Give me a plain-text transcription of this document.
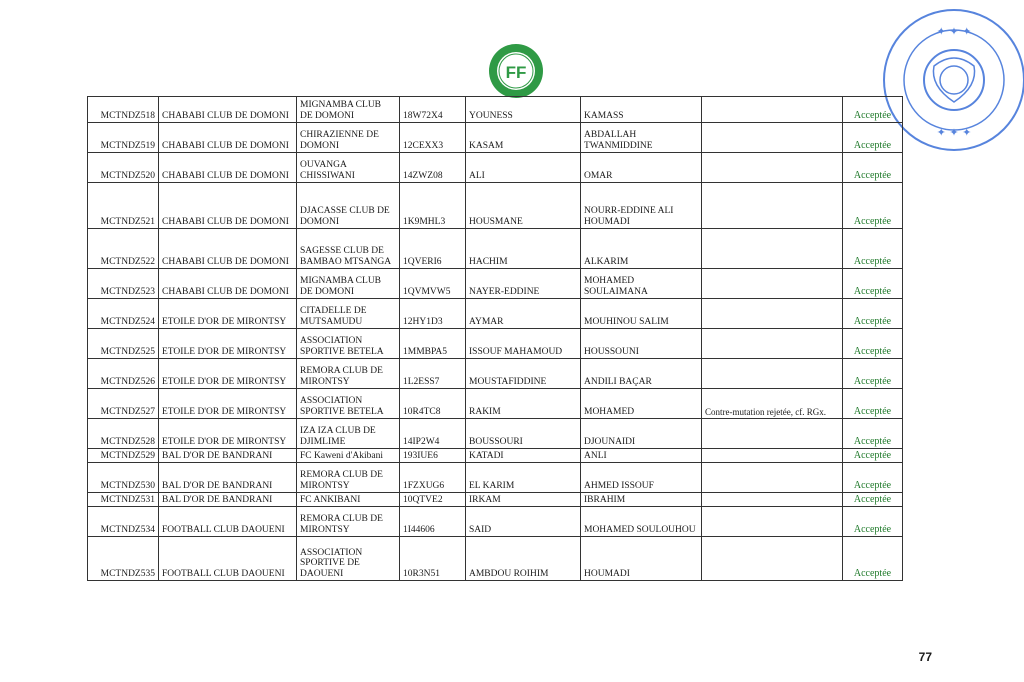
FF
✦ ✦ ✦
✦ ✦ ✦
MCTNDZ518	CHABABI CLUB DE DOMONI	MIGNAMBA CLUB DE DOMONI	18W72X4	YOUNESS	KAMASS		Acceptée
MCTNDZ519	CHABABI CLUB DE DOMONI	CHIRAZIENNE DE DOMONI	12CEXX3	KASAM	ABDALLAH TWANMIDDINE		Acceptée
MCTNDZ520	CHABABI CLUB DE DOMONI	OUVANGA CHISSIWANI	14ZWZ08	ALI	OMAR		Acceptée
MCTNDZ521	CHABABI CLUB DE DOMONI	DJACASSE CLUB DE DOMONI	1K9MHL3	HOUSMANE	NOURR-EDDINE ALI HOUMADI		Acceptée
MCTNDZ522	CHABABI CLUB DE DOMONI	SAGESSE CLUB DE BAMBAO MTSANGA	1QVERI6	HACHIM	ALKARIM		Acceptée
MCTNDZ523	CHABABI CLUB DE DOMONI	MIGNAMBA CLUB DE DOMONI	1QVMVW5	NAYER-EDDINE	MOHAMED SOULAIMANA		Acceptée
MCTNDZ524	ETOILE D'OR DE MIRONTSY	CITADELLE DE MUTSAMUDU	12HY1D3	AYMAR	MOUHINOU SALIM		Acceptée
MCTNDZ525	ETOILE D'OR DE MIRONTSY	ASSOCIATION SPORTIVE BETELA	1MMBPA5	ISSOUF MAHAMOUD	HOUSSOUNI		Acceptée
MCTNDZ526	ETOILE D'OR DE MIRONTSY	REMORA CLUB DE MIRONTSY	1L2ESS7	MOUSTAFIDDINE	ANDILI BAÇAR		Acceptée
MCTNDZ527	ETOILE D'OR DE MIRONTSY	ASSOCIATION SPORTIVE BETELA	10R4TC8	RAKIM	MOHAMED	Contre-mutation rejetée, cf. RGx.	Acceptée
MCTNDZ528	ETOILE D'OR DE MIRONTSY	IZA IZA CLUB DE DJIMLIME	14IP2W4	BOUSSOURI	DJOUNAIDI		Acceptée
MCTNDZ529	BAL D'OR DE BANDRANI	FC Kaweni d'Akibani	193IUE6	KATADI	ANLI		Acceptée
MCTNDZ530	BAL D'OR DE BANDRANI	REMORA CLUB DE MIRONTSY	1FZXUG6	EL KARIM	AHMED ISSOUF		Acceptée
MCTNDZ531	BAL D'OR DE BANDRANI	FC ANKIBANI	10QTVE2	IRKAM	IBRAHIM		Acceptée
MCTNDZ534	FOOTBALL CLUB DAOUENI	REMORA CLUB DE MIRONTSY	1I44606	SAID	MOHAMED SOULOUHOU		Acceptée
MCTNDZ535	FOOTBALL CLUB DAOUENI	ASSOCIATION SPORTIVE DE DAOUENI	10R3N51	AMBDOU ROIHIM	HOUMADI		Acceptée
77
